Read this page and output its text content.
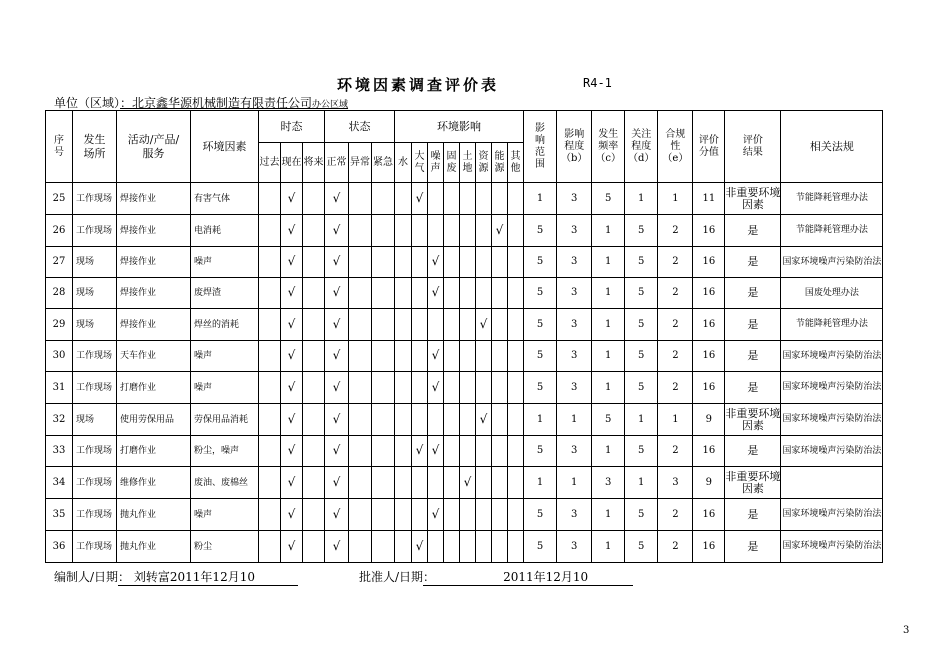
环境因素调查评价表	R4-1
单位（区域）：北京鑫华源机械制造有限责任公司办公区域
序号	发生场所	活动/产品/服务	环境因素	时态			状态			环境影响								影响范围	影响程度（b）	发生频率（c）	关注程度（d）	合规性（e）	评价分值	评价结果	相关法规
				过去	现在	将来	正常	异常	紧急	水	大气	噪声	固废	土地	资源	能源	其他								
25	工作现场	焊接作业	有害气体		√		√				√							1	3	5	1	1	11	非重要环境因素	节能降耗管理办法
26	工作现场	焊接作业	电消耗		√		√									√		5	3	1	5	2	16	是	节能降耗管理办法
27	现场	焊接作业	噪声		√		√					√						5	3	1	5	2	16	是	国家环境噪声污染防治法
28	现场	焊接作业	废焊渣		√		√					√						5	3	1	5	2	16	是	国废处理办法
29	现场	焊接作业	焊丝的消耗		√		√								√			5	3	1	5	2	16	是	节能降耗管理办法
30	工作现场	天车作业	噪声		√		√					√						5	3	1	5	2	16	是	国家环境噪声污染防治法
31	工作现场	打磨作业	噪声		√		√					√						5	3	1	5	2	16	是	国家环境噪声污染防治法
32	现场	使用劳保用品	劳保用品消耗		√		√								√			1	1	5	1	1	9	非重要环境因素	国家环境噪声污染防治法
33	工作现场	打磨作业	粉尘，噪声		√		√				√	√						5	3	1	5	2	16	是	国家环境噪声污染防治法
34	工作现场	维修作业	废油、废棉丝		√		√							√				1	1	3	1	3	9	非重要环境因素	
35	工作现场	抛丸作业	噪声		√		√					√						5	3	1	5	2	16	是	国家环境噪声污染防治法
36	工作现场	抛丸作业	粉尘		√		√				√							5	3	1	5	2	16	是	国家环境噪声污染防治法
编制人/日期： 刘转富2011年12月10	批准人/日期：	2011年12月10
3
